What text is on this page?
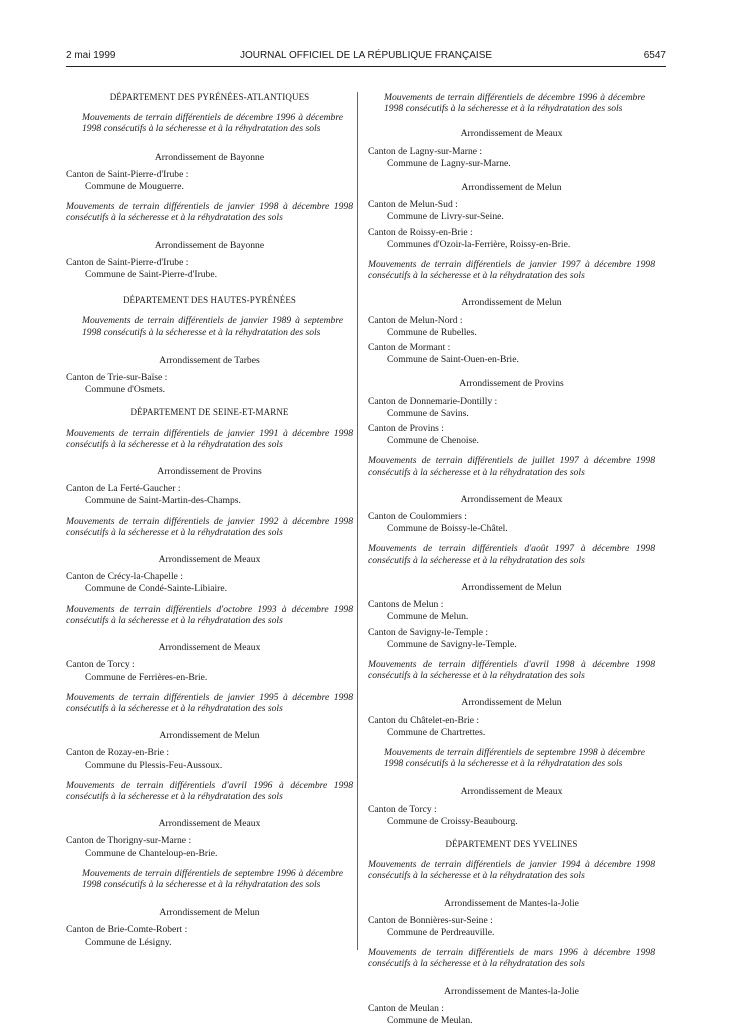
2 mai 1999	JOURNAL OFFICIEL DE LA RÉPUBLIQUE FRANÇAISE	6547
DÉPARTEMENT DES PYRÉNÉES-ATLANTIQUES
Mouvements de terrain différentiels de décembre 1996 à décembre 1998 consécutifs à la sécheresse et à la réhydratation des sols
Arrondissement de Bayonne
Canton de Saint-Pierre-d'Irube :
Commune de Mouguerre.
Mouvements de terrain différentiels de janvier 1998 à décembre 1998 consécutifs à la sécheresse et à la réhydratation des sols
Arrondissement de Bayonne
Canton de Saint-Pierre-d'Irube :
Commune de Saint-Pierre-d'Irube.
DÉPARTEMENT DES HAUTES-PYRÉNÉES
Mouvements de terrain différentiels de janvier 1989 à septembre 1998 consécutifs à la sécheresse et à la réhydratation des sols
Arrondissement de Tarbes
Canton de Trie-sur-Baïse :
Commune d'Osmets.
DÉPARTEMENT DE SEINE-ET-MARNE
Mouvements de terrain différentiels de janvier 1991 à décembre 1998 consécutifs à la sécheresse et à la réhydratation des sols
Arrondissement de Provins
Canton de La Ferté-Gaucher :
Commune de Saint-Martin-des-Champs.
Mouvements de terrain différentiels de janvier 1992 à décembre 1998 consécutifs à la sécheresse et à la réhydratation des sols
Arrondissement de Meaux
Canton de Crécy-la-Chapelle :
Commune de Condé-Sainte-Libiaire.
Mouvements de terrain différentiels d'octobre 1993 à décembre 1998 consécutifs à la sécheresse et à la réhydratation des sols
Arrondissement de Meaux
Canton de Torcy :
Commune de Ferrières-en-Brie.
Mouvements de terrain différentiels de janvier 1995 à décembre 1998 consécutifs à la sécheresse et à la réhydratation des sols
Arrondissement de Melun
Canton de Rozay-en-Brie :
Commune du Plessis-Feu-Aussoux.
Mouvements de terrain différentiels d'avril 1996 à décembre 1998 consécutifs à la sécheresse et à la réhydratation des sols
Arrondissement de Meaux
Canton de Thorigny-sur-Marne :
Commune de Chanteloup-en-Brie.
Mouvements de terrain différentiels de septembre 1996 à décembre 1998 consécutifs à la sécheresse et à la réhydratation des sols
Arrondissement de Melun
Canton de Brie-Comte-Robert :
Commune de Lésigny.
Mouvements de terrain différentiels de décembre 1996 à décembre 1998 consécutifs à la sécheresse et à la réhydratation des sols
Arrondissement de Meaux
Canton de Lagny-sur-Marne :
Commune de Lagny-sur-Marne.
Arrondissement de Melun
Canton de Melun-Sud :
Commune de Livry-sur-Seine.
Canton de Roissy-en-Brie :
Communes d'Ozoir-la-Ferrière, Roissy-en-Brie.
Mouvements de terrain différentiels de janvier 1997 à décembre 1998 consécutifs à la sécheresse et à la réhydratation des sols
Arrondissement de Melun
Canton de Melun-Nord :
Commune de Rubelles.
Canton de Mormant :
Commune de Saint-Ouen-en-Brie.
Arrondissement de Provins
Canton de Donnemarie-Dontilly :
Commune de Savins.
Canton de Provins :
Commune de Chenoise.
Mouvements de terrain différentiels de juillet 1997 à décembre 1998 consécutifs à la sécheresse et à la réhydratation des sols
Arrondissement de Meaux
Canton de Coulommiers :
Commune de Boissy-le-Châtel.
Mouvements de terrain différentiels d'août 1997 à décembre 1998 consécutifs à la sécheresse et à la réhydratation des sols
Arrondissement de Melun
Cantons de Melun :
Commune de Melun.
Canton de Savigny-le-Temple :
Commune de Savigny-le-Temple.
Mouvements de terrain différentiels d'avril 1998 à décembre 1998 consécutifs à la sécheresse et à la réhydratation des sols
Arrondissement de Melun
Canton du Châtelet-en-Brie :
Commune de Chartrettes.
Mouvements de terrain différentiels de septembre 1998 à décembre 1998 consécutifs à la sécheresse et à la réhydratation des sols
Arrondissement de Meaux
Canton de Torcy :
Commune de Croissy-Beaubourg.
DÉPARTEMENT DES YVELINES
Mouvements de terrain différentiels de janvier 1994 à décembre 1998 consécutifs à la sécheresse et à la réhydratation des sols
Arrondissement de Mantes-la-Jolie
Canton de Bonnières-sur-Seine :
Commune de Perdreauville.
Mouvements de terrain différentiels de mars 1996 à décembre 1998 consécutifs à la sécheresse et à la réhydratation des sols
Arrondissement de Mantes-la-Jolie
Canton de Meulan :
Commune de Meulan.
